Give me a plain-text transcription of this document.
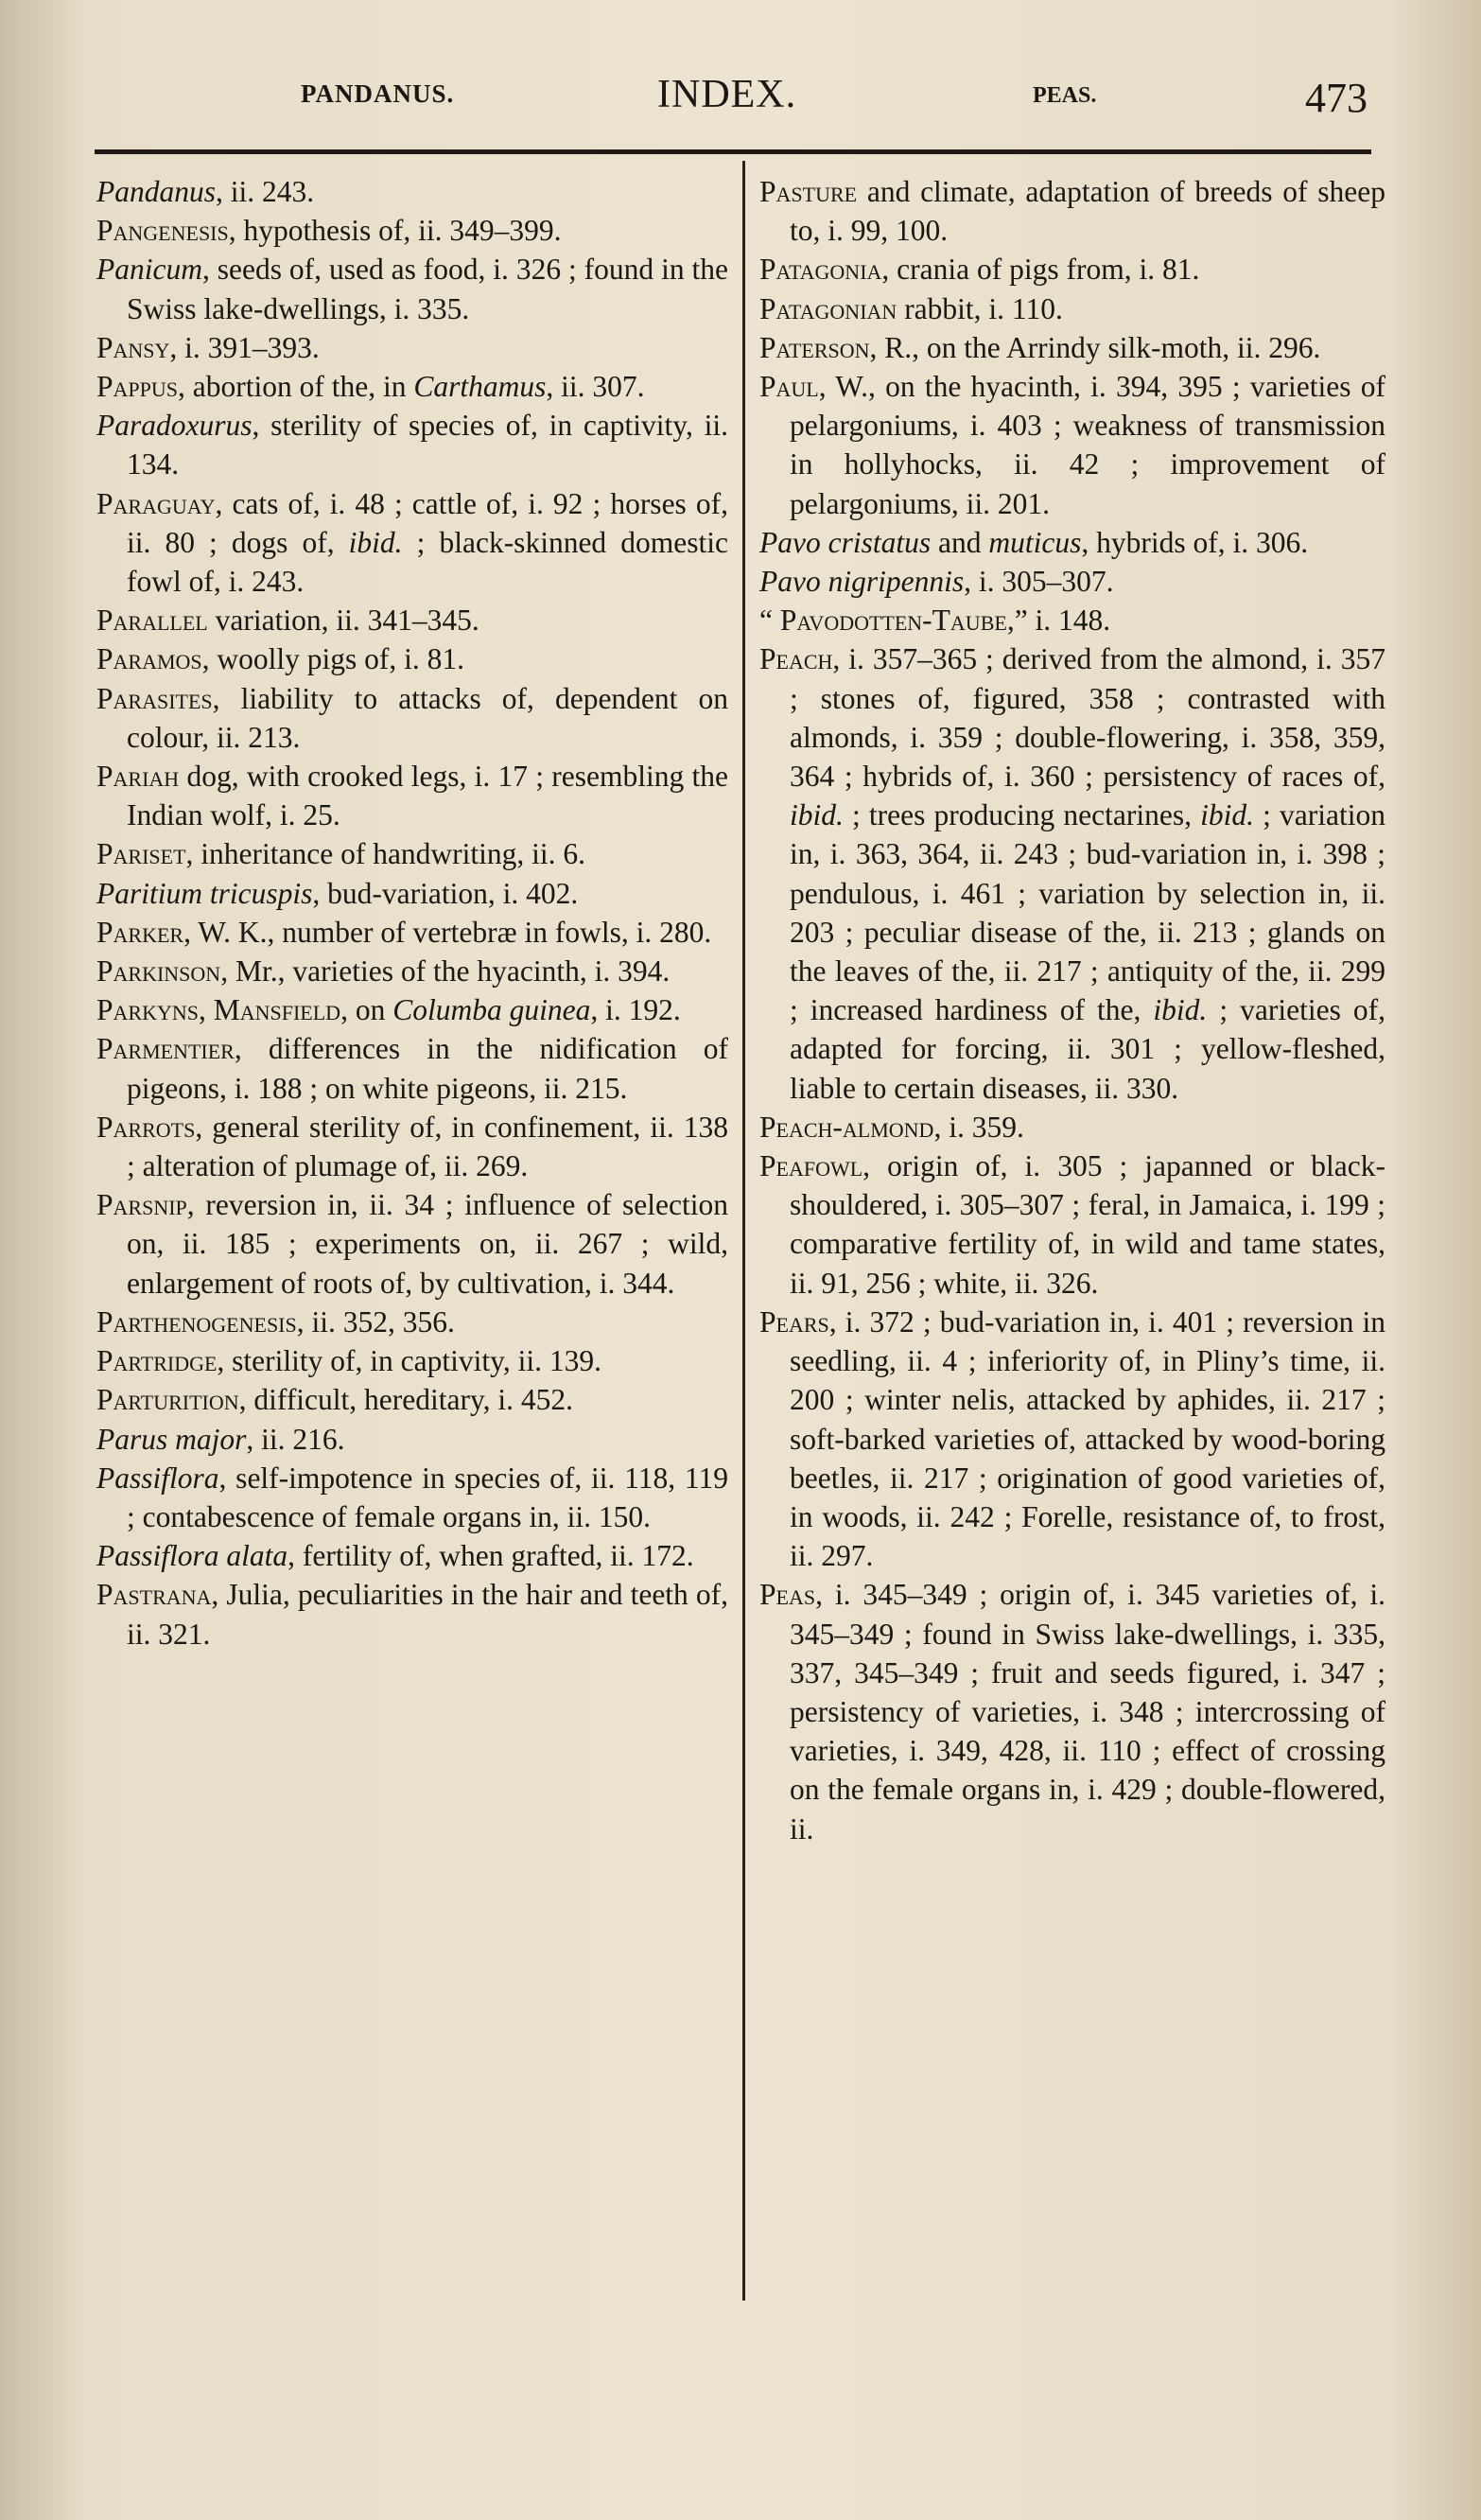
PANDANUS.	INDEX.	PEAS.	473
Pandanus, ii. 243.
Pangenesis, hypothesis of, ii. 349–399.
Panicum, seeds of, used as food, i. 326 ; found in the Swiss lake-dwellings, i. 335.
Pansy, i. 391–393.
Pappus, abortion of the, in Carthamus, ii. 307.
Paradoxurus, sterility of species of, in captivity, ii. 134.
Paraguay, cats of, i. 48 ; cattle of, i. 92 ; horses of, ii. 80 ; dogs of, ibid. ; black-skinned domestic fowl of, i. 243.
Parallel variation, ii. 341–345.
Paramos, woolly pigs of, i. 81.
Parasites, liability to attacks of, dependent on colour, ii. 213.
Pariah dog, with crooked legs, i. 17 ; resembling the Indian wolf, i. 25.
Pariset, inheritance of handwriting, ii. 6.
Paritium tricuspis, bud-variation, i. 402.
Parker, W. K., number of vertebræ in fowls, i. 280.
Parkinson, Mr., varieties of the hyacinth, i. 394.
Parkyns, Mansfield, on Columba guinea, i. 192.
Parmentier, differences in the nidification of pigeons, i. 188 ; on white pigeons, ii. 215.
Parrots, general sterility of, in confinement, ii. 138 ; alteration of plumage of, ii. 269.
Parsnip, reversion in, ii. 34 ; influence of selection on, ii. 185 ; experiments on, ii. 267 ; wild, enlargement of roots of, by cultivation, i. 344.
Parthenogenesis, ii. 352, 356.
Partridge, sterility of, in captivity, ii. 139.
Parturition, difficult, hereditary, i. 452.
Parus major, ii. 216.
Passiflora, self-impotence in species of, ii. 118, 119 ; contabescence of female organs in, ii. 150.
Passiflora alata, fertility of, when grafted, ii. 172.
Pastrana, Julia, peculiarities in the hair and teeth of, ii. 321.
Pasture and climate, adaptation of breeds of sheep to, i. 99, 100.
Patagonia, crania of pigs from, i. 81.
Patagonian rabbit, i. 110.
Paterson, R., on the Arrindy silk-moth, ii. 296.
Paul, W., on the hyacinth, i. 394, 395 ; varieties of pelargoniums, i. 403 ; weakness of transmission in hollyhocks, ii. 42 ; improvement of pelargoniums, ii. 201.
Pavo cristatus and muticus, hybrids of, i. 306.
Pavo nigripennis, i. 305–307.
“ Pavodotten-Taube,” i. 148.
Peach, i. 357–365 ; derived from the almond, i. 357 ; stones of, figured, 358 ; contrasted with almonds, i. 359 ; double-flowering, i. 358, 359, 364 ; hybrids of, i. 360 ; persistency of races of, ibid. ; trees producing nectarines, ibid. ; variation in, i. 363, 364, ii. 243 ; bud-variation in, i. 398 ; pendulous, i. 461 ; variation by selection in, ii. 203 ; peculiar disease of the, ii. 213 ; glands on the leaves of the, ii. 217 ; antiquity of the, ii. 299 ; increased hardiness of the, ibid. ; varieties of, adapted for forcing, ii. 301 ; yellow-fleshed, liable to certain diseases, ii. 330.
Peach-almond, i. 359.
Peafowl, origin of, i. 305 ; japanned or black-shouldered, i. 305–307 ; feral, in Jamaica, i. 199 ; comparative fertility of, in wild and tame states, ii. 91, 256 ; white, ii. 326.
Pears, i. 372 ; bud-variation in, i. 401 ; reversion in seedling, ii. 4 ; inferiority of, in Pliny’s time, ii. 200 ; winter nelis, attacked by aphides, ii. 217 ; soft-barked varieties of, attacked by wood-boring beetles, ii. 217 ; origination of good varieties of, in woods, ii. 242 ; Forelle, resistance of, to frost, ii. 297.
Peas, i. 345–349 ; origin of, i. 345 varieties of, i. 345–349 ; found in Swiss lake-dwellings, i. 335, 337, 345–349 ; fruit and seeds figured, i. 347 ; persistency of varieties, i. 348 ; intercrossing of varieties, i. 349, 428, ii. 110 ; effect of crossing on the female organs in, i. 429 ; double-flowered, ii.
